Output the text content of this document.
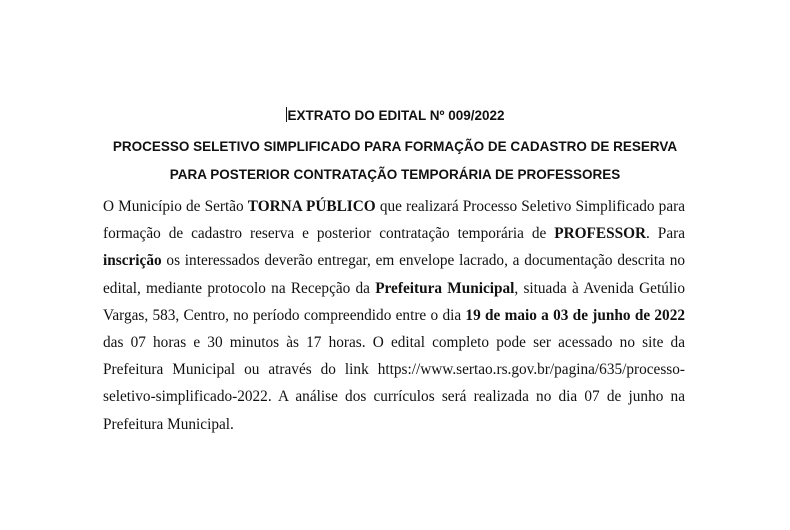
EXTRATO DO EDITAL Nº 009/2022
PROCESSO SELETIVO SIMPLIFICADO PARA FORMAÇÃO DE CADASTRO DE RESERVA
PARA POSTERIOR CONTRATAÇÃO TEMPORÁRIA DE PROFESSORES
O Município de Sertão TORNA PÚBLICO que realizará Processo Seletivo Simplificado para formação de cadastro reserva e posterior contratação temporária de PROFESSOR. Para inscrição os interessados deverão entregar, em envelope lacrado, a documentação descrita no edital, mediante protocolo na Recepção da Prefeitura Municipal, situada à Avenida Getúlio Vargas, 583, Centro, no período compreendido entre o dia 19 de maio a 03 de junho de 2022 das 07 horas e 30 minutos às 17 horas. O edital completo pode ser acessado no site da Prefeitura Municipal ou através do link https://www.sertao.rs.gov.br/pagina/635/processo-seletivo-simplificado-2022. A análise dos currículos será realizada no dia 07 de junho na Prefeitura Municipal.
